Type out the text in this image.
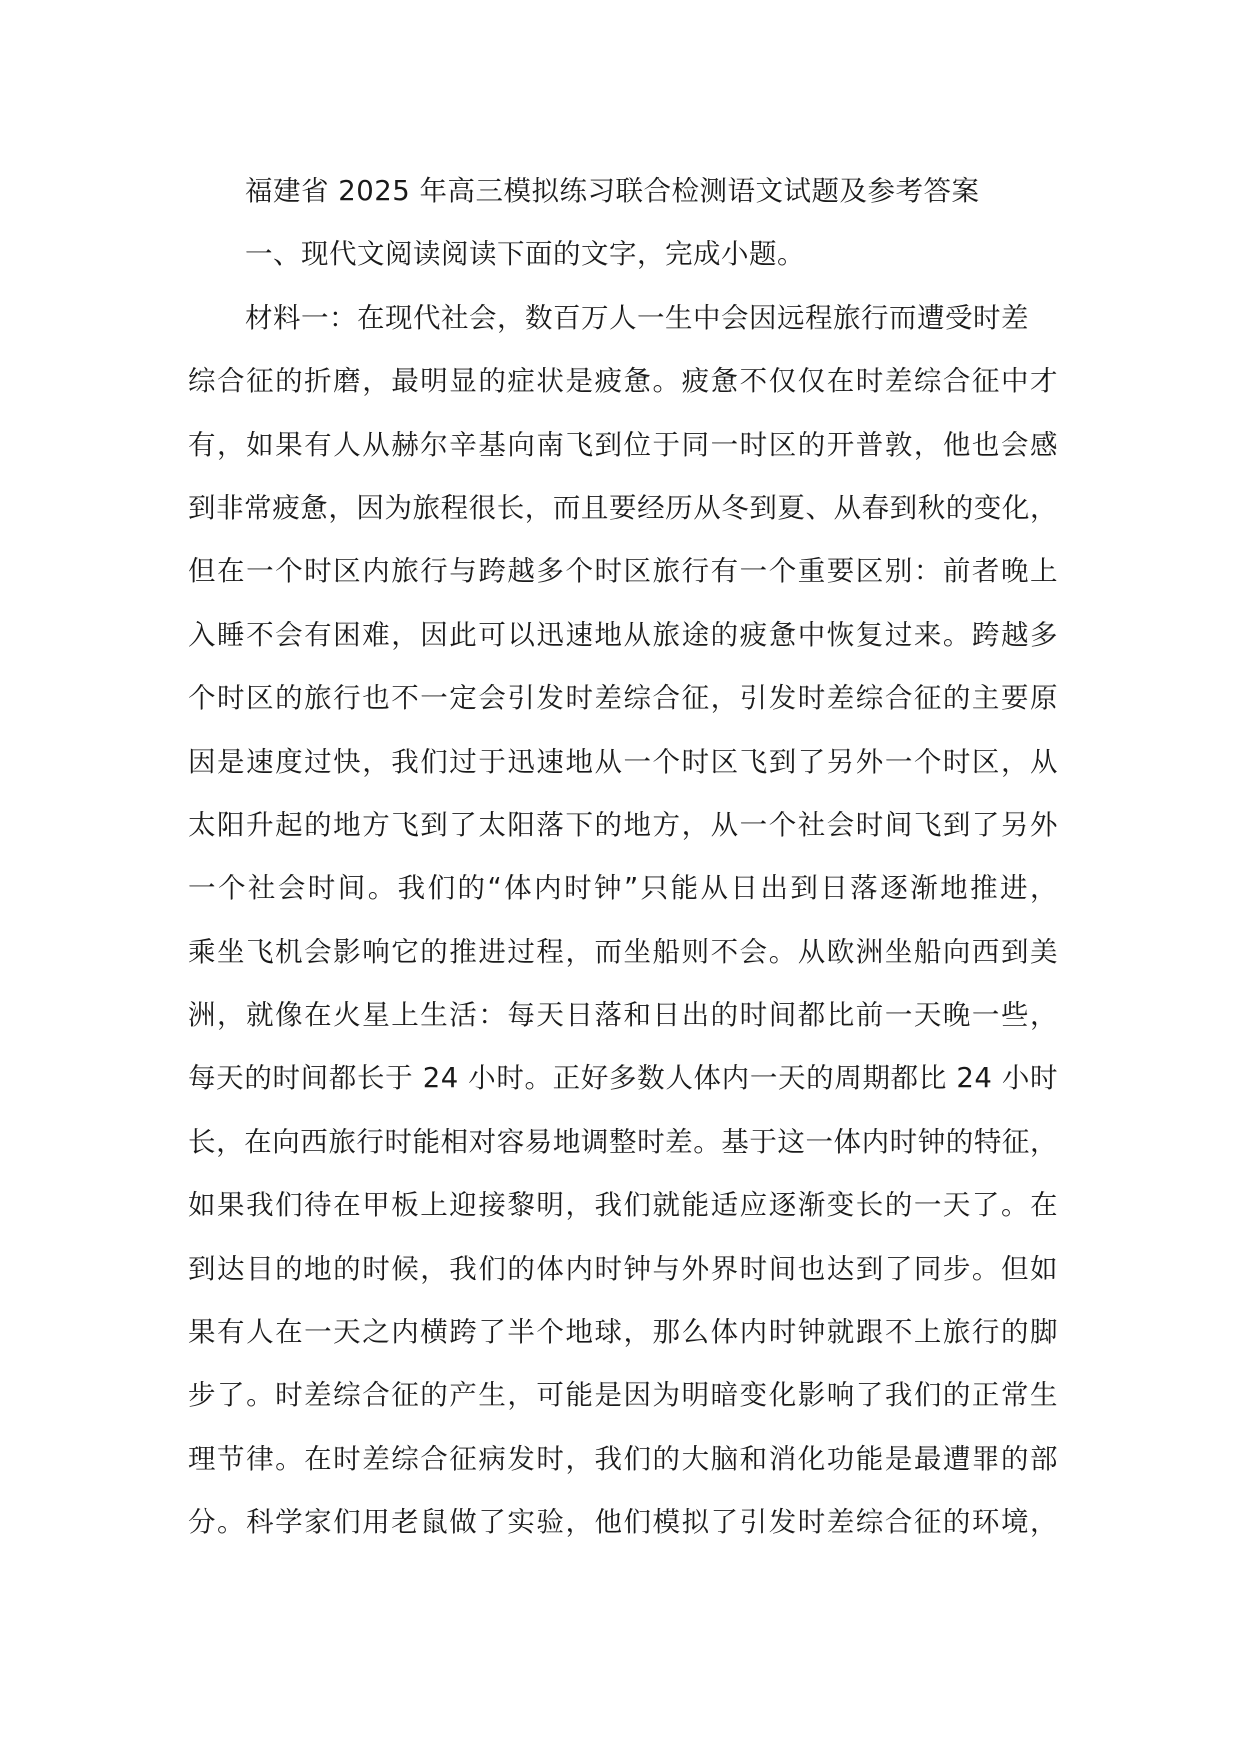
福建省 2025 年高三模拟练习联合检测语文试题及参考答案
一、现代文阅读阅读下面的文字，完成小题。
材料一：在现代社会，数百万人一生中会因远程旅行而遭受时差
综合征的折磨，最明显的症状是疲惫。疲惫不仅仅在时差综合征中才
有，如果有人从赫尔辛基向南飞到位于同一时区的开普敦，他也会感
到非常疲惫，因为旅程很长，而且要经历从冬到夏、从春到秋的变化，
但在一个时区内旅行与跨越多个时区旅行有一个重要区别：前者晚上
入睡不会有困难，因此可以迅速地从旅途的疲惫中恢复过来。跨越多
个时区的旅行也不一定会引发时差综合征，引发时差综合征的主要原
因是速度过快，我们过于迅速地从一个时区飞到了另外一个时区，从
太阳升起的地方飞到了太阳落下的地方，从一个社会时间飞到了另外
一个社会时间。我们的“体内时钟”只能从日出到日落逐渐地推进，
乘坐飞机会影响它的推进过程，而坐船则不会。从欧洲坐船向西到美
洲，就像在火星上生活：每天日落和日出的时间都比前一天晚一些，
每天的时间都长于 24 小时。正好多数人体内一天的周期都比 24 小时
长，在向西旅行时能相对容易地调整时差。基于这一体内时钟的特征，
如果我们待在甲板上迎接黎明，我们就能适应逐渐变长的一天了。在
到达目的地的时候，我们的体内时钟与外界时间也达到了同步。但如
果有人在一天之内横跨了半个地球，那么体内时钟就跟不上旅行的脚
步了。时差综合征的产生，可能是因为明暗变化影响了我们的正常生
理节律。在时差综合征病发时，我们的大脑和消化功能是最遭罪的部
分。科学家们用老鼠做了实验，他们模拟了引发时差综合征的环境，
